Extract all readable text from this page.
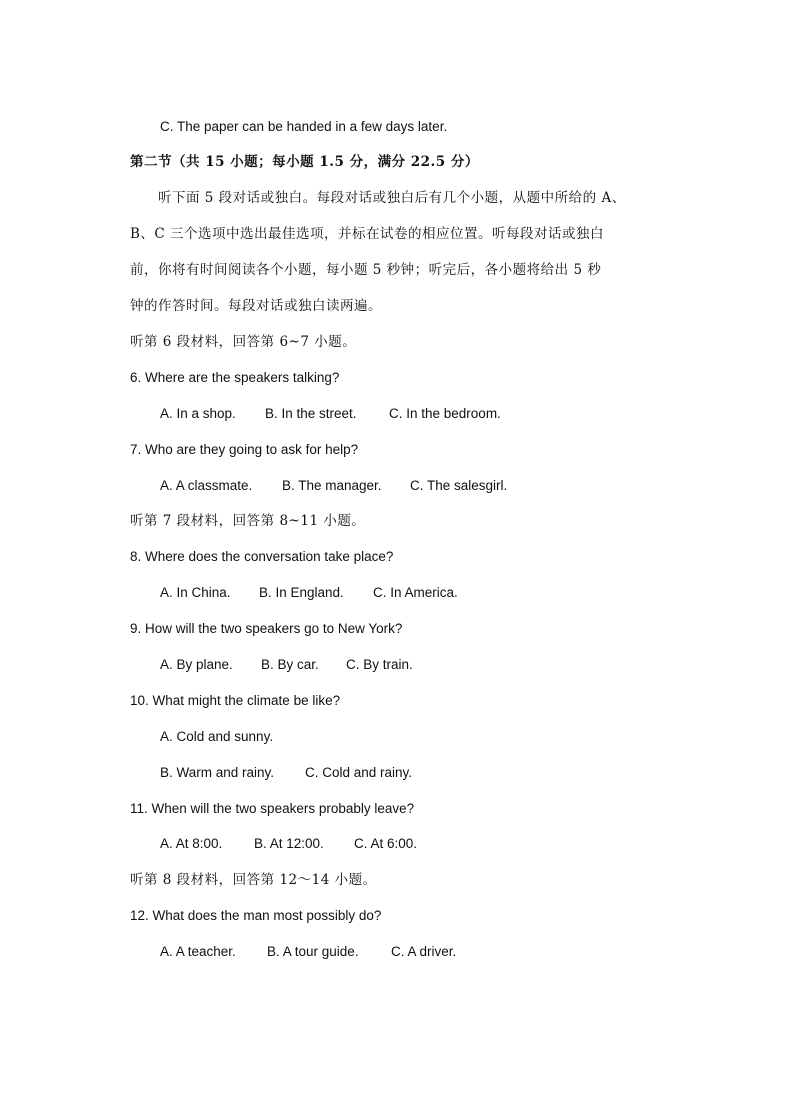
C. The paper can be handed in a few days later.
第二节（共 15 小题；每小题 1.5 分，满分 22.5 分）
听下面 5 段对话或独白。每段对话或独白后有几个小题，从题中所给的 A、
B、C 三个选项中选出最佳选项，并标在试卷的相应位置。听每段对话或独白
前，你将有时间阅读各个小题，每小题 5 秒钟；听完后，各小题将给出 5 秒
钟的作答时间。每段对话或独白读两遍。
听第 6 段材料，回答第 6~7 小题。
6. Where are the speakers talking?
A. In a shop. B. In the street. C. In the bedroom.
7. Who are they going to ask for help?
A. A classmate. B. The manager. C. The salesgirl.
听第 7 段材料，回答第 8~11 小题。
8. Where does the conversation take place?
A. In China. B. In England. C. In America.
9. How will the two speakers go to New York?
A. By plane. B. By car. C. By train.
10. What might the climate be like?
A. Cold and sunny.
B. Warm and rainy. C. Cold and rainy.
11. When will the two speakers probably leave?
A. At 8:00. B. At 12:00. C. At 6:00.
听第 8 段材料，回答第 12～14 小题。
12. What does the man most possibly do?
A. A teacher. B. A tour guide. C. A driver.
